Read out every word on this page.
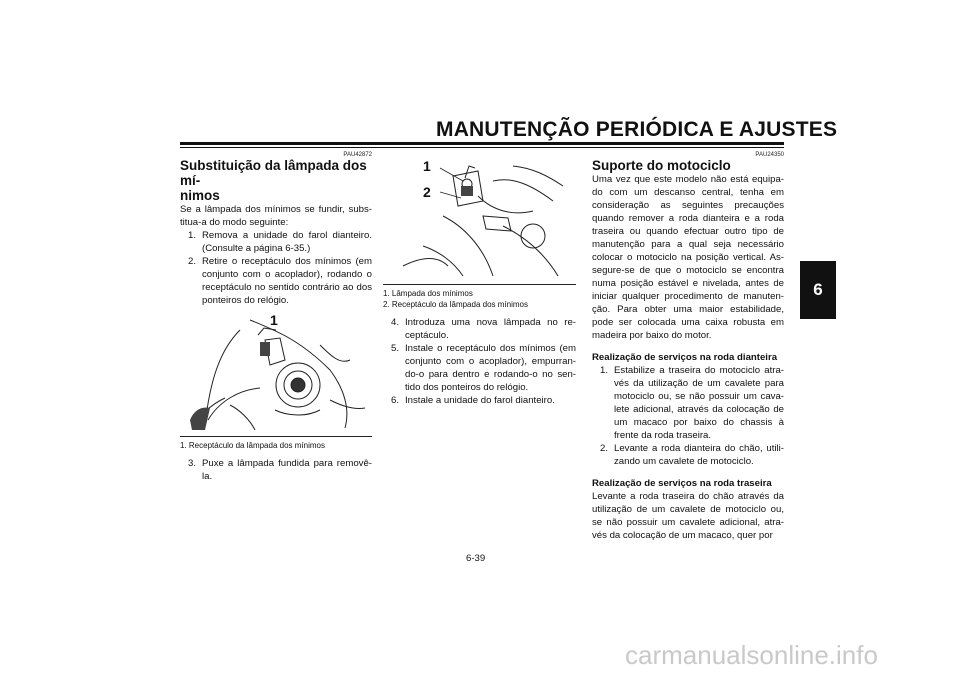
MANUTENÇÃO PERIÓDICA E AJUSTES
6
PAU42872
Substituição da lâmpada dos mí-
nimos
Se a lâmpada dos mínimos se fundir, subs-titua-a do modo seguinte:
1. Remova a unidade do farol dianteiro. (Consulte a página 6-35.)
2. Retire o receptáculo dos mínimos (em conjunto com o acoplador), rodando o receptáculo no sentido contrário ao dos ponteiros do relógio.
1
1. Receptáculo da lâmpada dos mínimos
3. Puxe a lâmpada fundida para removê-la.
1
2
1. Lâmpada dos mínimos
2. Receptáculo da lâmpada dos mínimos
4. Introduza uma nova lâmpada no re-ceptáculo.
5. Instale o receptáculo dos mínimos (em conjunto com o acoplador), empurran-do-o para dentro e rodando-o no sen-tido dos ponteiros do relógio.
6. Instale a unidade do farol dianteiro.
PAU24350
Suporte do motociclo
Uma vez que este modelo não está equipa-do com um descanso central, tenha em consideração as seguintes precauções quando remover a roda dianteira e a roda traseira ou quando efectuar outro tipo de manutenção para a qual seja necessário colocar o motociclo na posição vertical. As-segure-se de que o motociclo se encontra numa posição estável e nivelada, antes de iniciar qualquer procedimento de manuten-ção. Para obter uma maior estabilidade, pode ser colocada uma caixa robusta em madeira por baixo do motor.
Realização de serviços na roda dianteira
1. Estabilize a traseira do motociclo atra-vés da utilização de um cavalete para motociclo ou, se não possuir um cava-lete adicional, através da colocação de um macaco por baixo do chassis à frente da roda traseira.
2. Levante a roda dianteira do chão, utili-zando um cavalete de motociclo.
Realização de serviços na roda traseira
Levante a roda traseira do chão através da utilização de um cavalete de motociclo ou, se não possuir um cavalete adicional, atra-vés da colocação de um macaco, quer por
6-39
carmanualsonline.info
